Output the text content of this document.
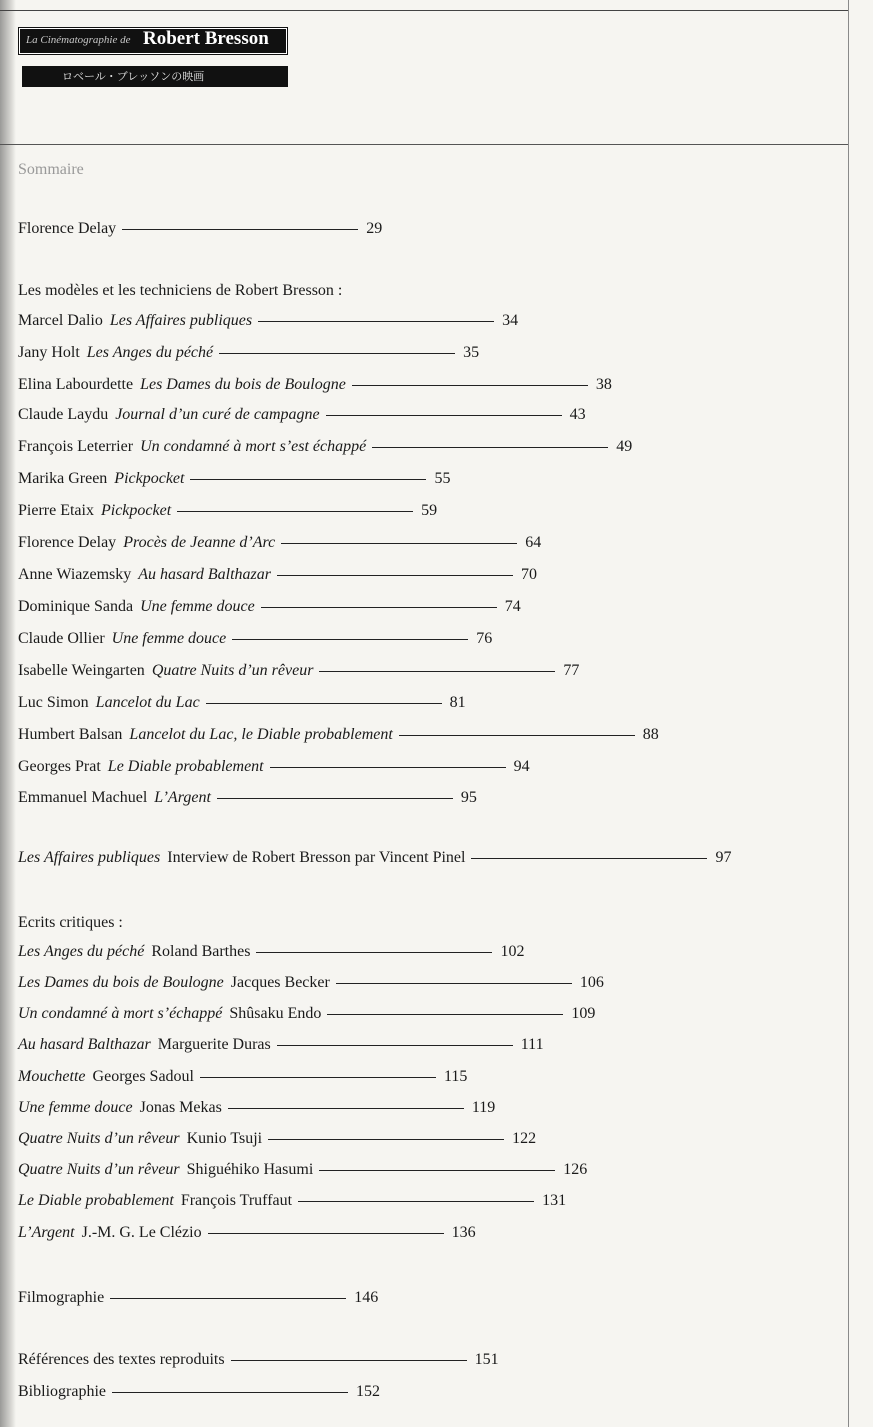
La Cinématographie de Robert Bresson
ロベール・ブレッソンの映画
Sommaire
Florence Delay	29
Les modèles et les techniciens de Robert Bresson :
Marcel Dalio Les Affaires publiques	34
Jany Holt Les Anges du péché	35
Elina Labourdette Les Dames du bois de Boulogne	38
Claude Laydu Journal d’un curé de campagne	43
François Leterrier Un condamné à mort s’est échappé	49
Marika Green Pickpocket	55
Pierre Etaix Pickpocket	59
Florence Delay Procès de Jeanne d’Arc	64
Anne Wiazemsky Au hasard Balthazar	70
Dominique Sanda Une femme douce	74
Claude Ollier Une femme douce	76
Isabelle Weingarten Quatre Nuits d’un rêveur	77
Luc Simon Lancelot du Lac	81
Humbert Balsan Lancelot du Lac, le Diable probablement	88
Georges Prat Le Diable probablement	94
Emmanuel Machuel L’Argent	95
Les Affaires publiques Interview de Robert Bresson par Vincent Pinel	97
Ecrits critiques :
Les Anges du péché Roland Barthes	102
Les Dames du bois de Boulogne Jacques Becker	106
Un condamné à mort s’échappé Shûsaku Endo	109
Au hasard Balthazar Marguerite Duras	111
Mouchette Georges Sadoul	115
Une femme douce Jonas Mekas	119
Quatre Nuits d’un rêveur Kunio Tsuji	122
Quatre Nuits d’un rêveur Shiguéhiko Hasumi	126
Le Diable probablement François Truffaut	131
L’Argent J.-M. G. Le Clézio	136
Filmographie	146
Références des textes reproduits	151
Bibliographie	152
